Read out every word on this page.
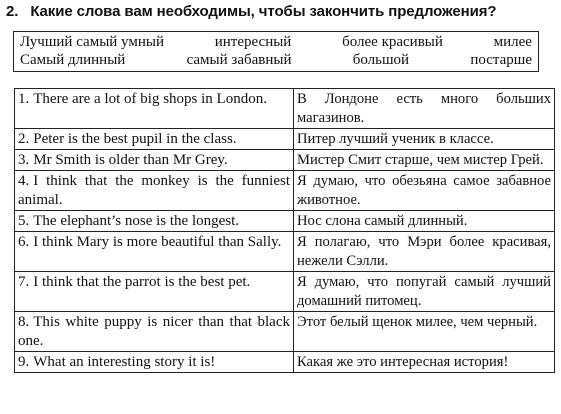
2. Какие слова вам необходимы, чтобы закончить предложения?
Лучший самый умный	интересный	более красивый	милее
Самый длинный	самый забавный	большой	постарше
1. There are a lot of big shops in London.	В Лондоне есть много больших магазинов.
2. Peter is the best pupil in the class.	Питер лучший ученик в классе.
3. Mr Smith is older than Mr Grey.	Мистер Смит старше, чем мистер Грей.
4. I think that the monkey is the funniest animal.	Я думаю, что обезьяна самое забавное животное.
5. The elephant’s nose is the longest.	Нос слона самый длинный.
6. I think Mary is more beautiful than Sally.	Я полагаю, что Мэри более красивая, нежели Сэлли.
7. I think that the parrot is the best pet.	Я думаю, что попугай самый лучший домашний питомец.
8. This white puppy is nicer than that black one.	Этот белый щенок милее, чем черный.
9. What an interesting story it is!	Какая же это интересная история!
